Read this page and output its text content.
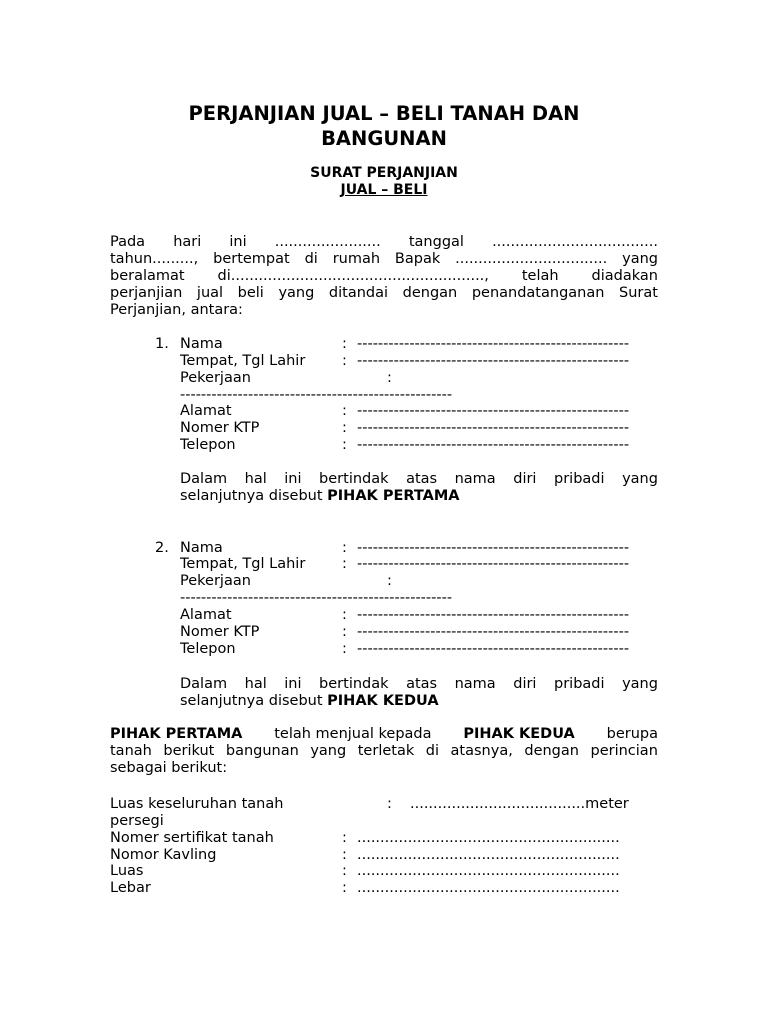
PERJANJIAN JUAL – BELI TANAH DAN
BANGUNAN
SURAT PERJANJIAN
JUAL – BELI
Pada hari ini ....................... tanggal ....................................
tahun........., bertempat di rumah Bapak ................................. yang
beralamat di......................................................., telah diadakan
perjanjian jual beli yang ditandai dengan penandatanganan Surat
Perjanjian, antara:
1. Nama	: ----------------------------------------------------
Tempat, Tgl Lahir	: ----------------------------------------------------
Pekerjaan	:
----------------------------------------------------
Alamat	: ----------------------------------------------------
Nomer KTP	: ----------------------------------------------------
Telepon	: ----------------------------------------------------
Dalam hal ini bertindak atas nama diri pribadi yang
selanjutnya disebut PIHAK PERTAMA
2. Nama	: ----------------------------------------------------
Tempat, Tgl Lahir	: ----------------------------------------------------
Pekerjaan	:
----------------------------------------------------
Alamat	: ----------------------------------------------------
Nomer KTP	: ----------------------------------------------------
Telepon	: ----------------------------------------------------
Dalam hal ini bertindak atas nama diri pribadi yang
selanjutnya disebut PIHAK KEDUA
PIHAK PERTAMA telah menjual kepada PIHAK KEDUA berupa
tanah berikut bangunan yang terletak di atasnya, dengan perincian
sebagai berikut:
Luas keseluruhan tanah	: ......................................meter
persegi
Nomer sertifikat tanah	: .........................................................
Nomor Kavling	: .........................................................
Luas	: .........................................................
Lebar	: .........................................................
